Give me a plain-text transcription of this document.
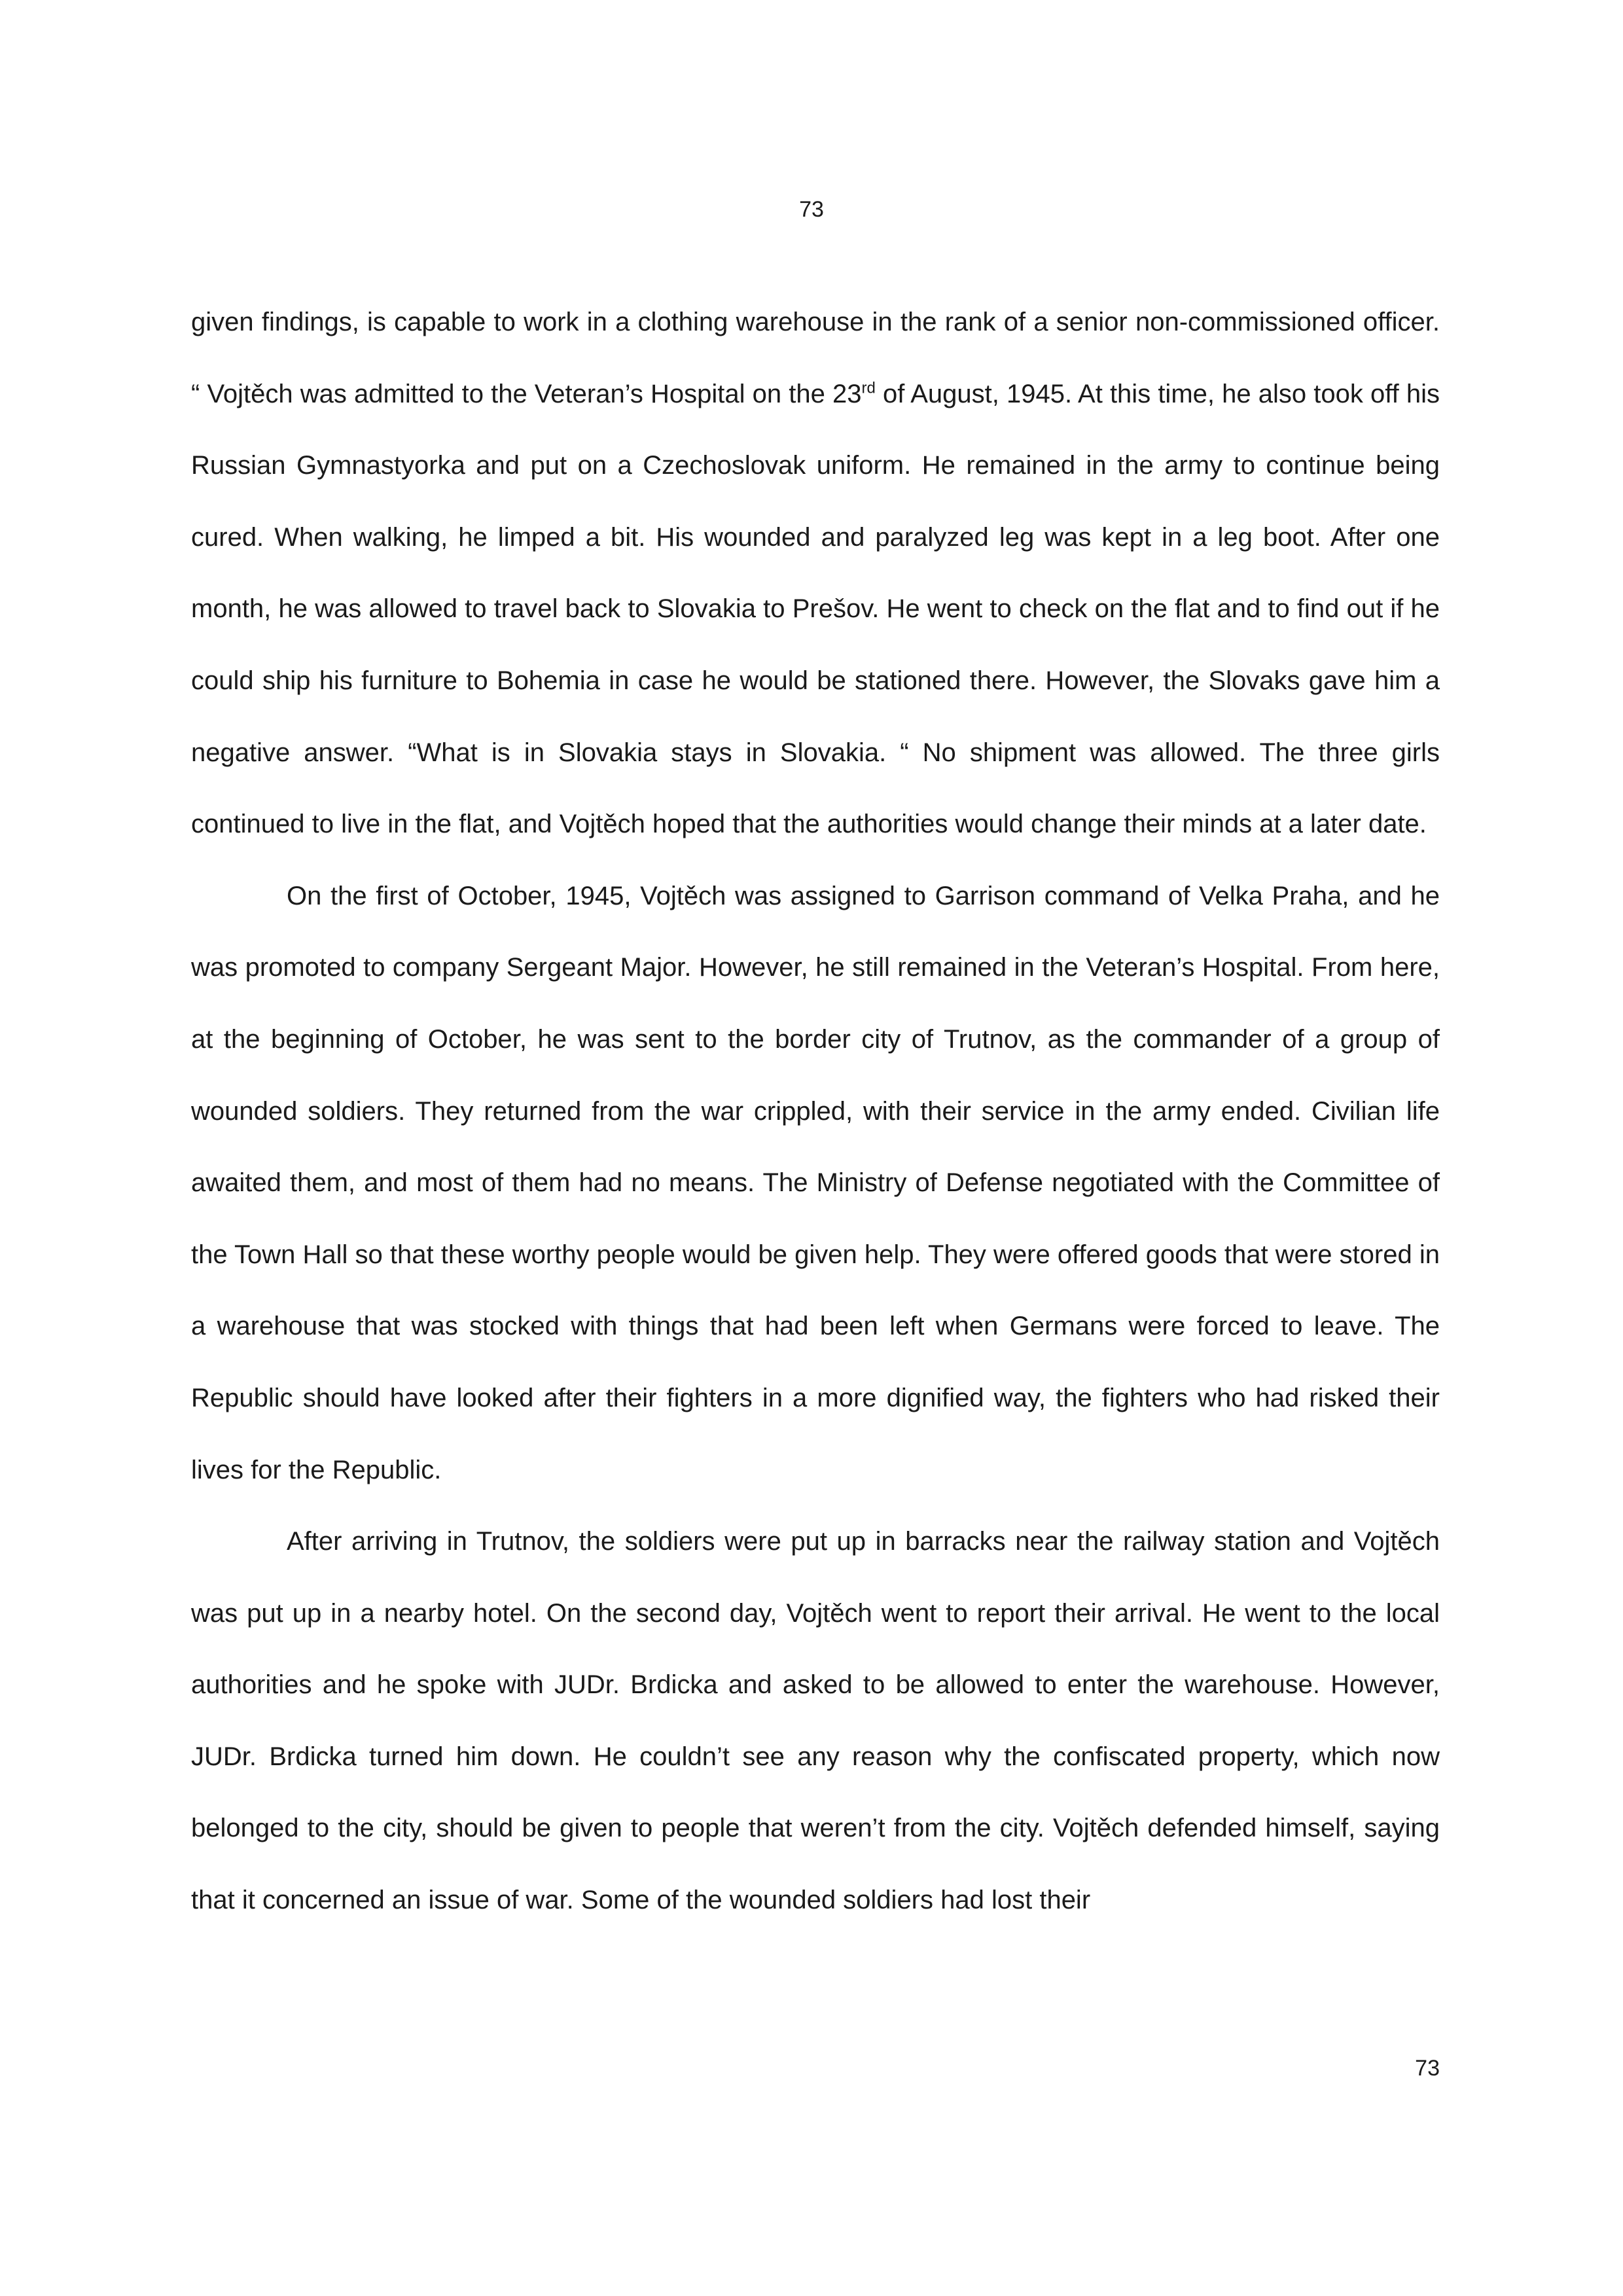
73

given findings, is capable to work in a clothing warehouse in the rank of a senior non-commissioned officer. “ Vojtěch was admitted to the Veteran’s Hospital on the 23rd of August, 1945. At this time, he also took off his Russian Gymnastyorka and put on a Czechoslovak uniform. He remained in the army to continue being cured. When walking, he limped a bit. His wounded and paralyzed leg was kept in a leg boot. After one month, he was allowed to travel back to Slovakia to Prešov. He went to check on the flat and to find out if he could ship his furniture to Bohemia in case he would be stationed there. However, the Slovaks gave him a negative answer. “What is in Slovakia stays in Slovakia. “ No shipment was allowed. The three girls continued to live in the flat, and Vojtěch hoped that the authorities would change their minds at a later date.

On the first of October, 1945, Vojtěch was assigned to Garrison command of Velka Praha, and he was promoted to company Sergeant Major. However, he still remained in the Veteran’s Hospital. From here, at the beginning of October, he was sent to the border city of Trutnov, as the commander of a group of wounded soldiers. They returned from the war crippled, with their service in the army ended. Civilian life awaited them, and most of them had no means. The Ministry of Defense negotiated with the Committee of the Town Hall so that these worthy people would be given help. They were offered goods that were stored in a warehouse that was stocked with things that had been left when Germans were forced to leave. The Republic should have looked after their fighters in a more dignified way, the fighters who had risked their lives for the Republic.

After arriving in Trutnov, the soldiers were put up in barracks near the railway station and Vojtěch was put up in a nearby hotel. On the second day, Vojtěch went to report their arrival. He went to the local authorities and he spoke with JUDr. Brdicka and asked to be allowed to enter the warehouse. However, JUDr. Brdicka turned him down. He couldn’t see any reason why the confiscated property, which now belonged to the city, should be given to people that weren’t from the city. Vojtěch defended himself, saying that it concerned an issue of war. Some of the wounded soldiers had lost their

73
